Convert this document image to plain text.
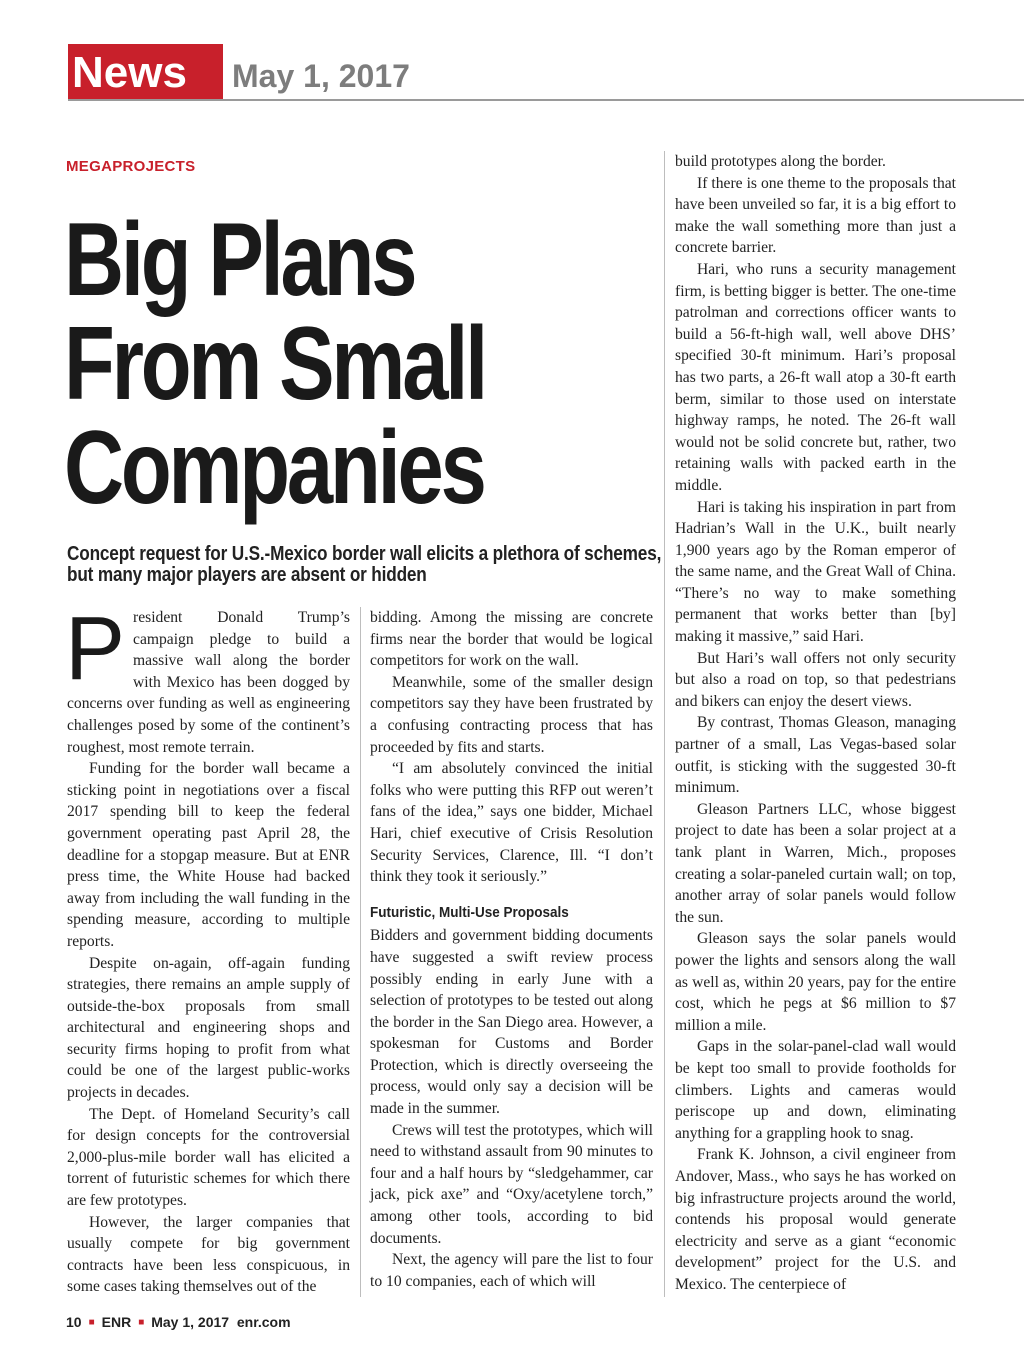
News	May 1, 2017
MEGAPROJECTS
Big Plans
From Small
Companies
Concept request for U.S.-Mexico border wall elicits a plethora of schemes, but many major players are absent or hidden

President Donald Trump’s campaign pledge to build a massive wall along the border with Mexico has been dogged by concerns over funding as well as engineering challenges posed by some of the continent’s roughest, most remote terrain.

Funding for the border wall became a sticking point in negotiations over a fiscal 2017 spending bill to keep the federal government operating past April 28, the deadline for a stopgap measure. But at ENR press time, the White House had backed away from including the wall funding in the spending measure, according to multiple reports.

Despite on-again, off-again funding strategies, there remains an ample supply of outside-the-box proposals from small architectural and engineering shops and security firms hoping to profit from what could be one of the largest public-works projects in decades.

The Dept. of Homeland Security’s call for design concepts for the controversial 2,000-plus-mile border wall has elicited a torrent of futuristic schemes for which there are few prototypes.

However, the larger companies that usually compete for big government contracts have been less conspicuous, in some cases taking themselves out of the

bidding. Among the missing are concrete firms near the border that would be logical competitors for work on the wall.

Meanwhile, some of the smaller design competitors say they have been frustrated by a confusing contracting process that has proceeded by fits and starts.

“I am absolutely convinced the initial folks who were putting this RFP out weren’t fans of the idea,” says one bidder, Michael Hari, chief executive of Crisis Resolution Security Services, Clarence, Ill. “I don’t think they took it seriously.”

Futuristic, Multi-Use Proposals

Bidders and government bidding documents have suggested a swift review process possibly ending in early June with a selection of prototypes to be tested out along the border in the San Diego area. However, a spokesman for Customs and Border Protection, which is directly overseeing the process, would only say a decision will be made in the summer.

Crews will test the prototypes, which will need to withstand assault from 90 minutes to four and a half hours by “sledgehammer, car jack, pick axe” and “Oxy/acetylene torch,” among other tools, according to bid documents.

Next, the agency will pare the list to four to 10 companies, each of which will

build prototypes along the border.

If there is one theme to the proposals that have been unveiled so far, it is a big effort to make the wall something more than just a concrete barrier.

Hari, who runs a security management firm, is betting bigger is better. The one-time patrolman and corrections officer wants to build a 56-ft-high wall, well above DHS’ specified 30-ft minimum. Hari’s proposal has two parts, a 26-ft wall atop a 30-ft earth berm, similar to those used on interstate highway ramps, he noted. The 26-ft wall would not be solid concrete but, rather, two retaining walls with packed earth in the middle.

Hari is taking his inspiration in part from Hadrian’s Wall in the U.K., built nearly 1,900 years ago by the Roman emperor of the same name, and the Great Wall of China. “There’s no way to make something permanent that works better than [by] making it massive,” said Hari.

But Hari’s wall offers not only security but also a road on top, so that pedestrians and bikers can enjoy the desert views.

By contrast, Thomas Gleason, managing partner of a small, Las Vegas-based solar outfit, is sticking with the suggested 30-ft minimum.

Gleason Partners LLC, whose biggest project to date has been a solar project at a tank plant in Warren, Mich., proposes creating a solar-paneled curtain wall; on top, another array of solar panels would follow the sun.

Gleason says the solar panels would power the lights and sensors along the wall as well as, within 20 years, pay for the entire cost, which he pegs at $6 million to $7 million a mile.

Gaps in the solar-panel-clad wall would be kept too small to provide footholds for climbers. Lights and cameras would periscope up and down, eliminating anything for a grappling hook to snag.

Frank K. Johnson, a civil engineer from Andover, Mass., who says he has worked on big infrastructure projects around the world, contends his proposal would generate electricity and serve as a giant “economic development” project for the U.S. and Mexico. The centerpiece of

10 ■ ENR ■ May 1, 2017 enr.com
